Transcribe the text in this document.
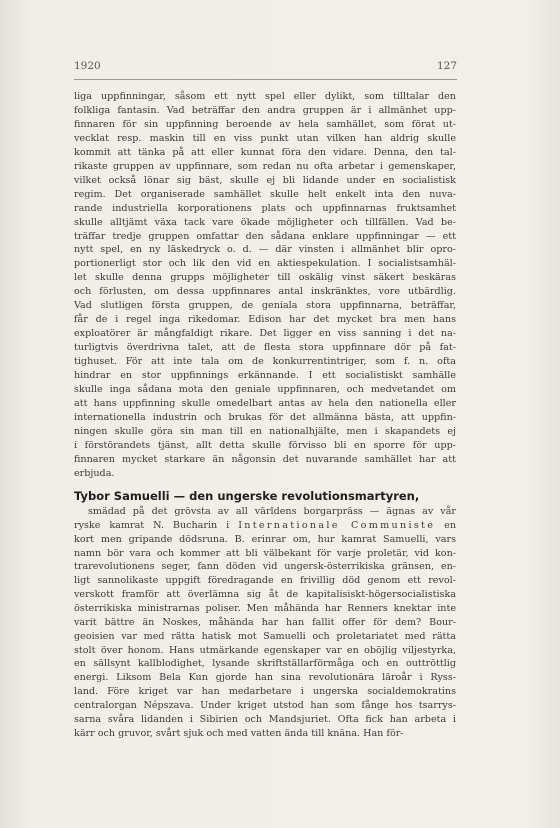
1920	127
liga uppfinningar, såsom ett nytt spel eller dylikt, som tilltalar den
folkliga fantasin. Vad beträffar den andra gruppen är i allmänhet upp-
finnaren för sin uppfinning beroende av hela samhället, som förat ut-
vecklat resp. maskin till en viss punkt utan vilken han aldrig skulle
kommit att tänka på att eller kunnat föra den vidare. Denna, den tal-
rikaste gruppen av uppfinnare, som redan nu ofta arbetar i gemenskaper,
vilket också lönar sig bäst, skulle ej bli lidande under en socialistisk
regim. Det organiserade samhället skulle helt enkelt inta den nuva-
rande industriella korporationens plats och uppfinnarnas fruktsamhet
skulle alltjämt växa tack vare ökade möjligheter och tillfällen. Vad be-
träffar tredje gruppen omfattar den sådana enklare uppfinningar — ett
nytt spel, en ny läskedryck o. d. — där vinsten i allmänhet blir opro-
portionerligt stor och lik den vid en aktiespekulation. I socialistsamhäl-
let skulle denna grupps möjligheter till oskälig vinst säkert beskäras
och förlusten, om dessa uppfinnares antal inskränktes, vore utbärdlig.
Vad slutligen första gruppen, de geniala stora uppfinnarna, beträffar,
får de i regel inga rikedomar. Edison har det mycket bra men hans
exploatörer är mångfaldigt rikare. Det ligger en viss sanning i det na-
turligtvis överdrivna talet, att de flesta stora uppfinnare dör på fat-
tighuset. För att inte tala om de konkurrentintriger, som f. n. ofta
hindrar en stor uppfinnings erkännande. I ett socialistiskt samhälle
skulle inga sådana mota den geniale uppfinnaren, och medvetandet om
att hans uppfinning skulle omedelbart antas av hela den nationella eller
internationella industrin och brukas för det allmänna bästa, att uppfin-
ningen skulle göra sin man till en nationalhjälte, men i skapandets ej
i förstörandets tjänst, allt detta skulle förvisso bli en sporre för upp-
finnaren mycket starkare än någonsin det nuvarande samhället har att
erbjuda.
Tybor Samuelli — den ungerske revolutionsmartyren,
smädad på det grövsta av all världens borgarpräss — ägnas av vår
ryske kamrat N. Bucharin i Internationale Communiste en
kort men gripande dödsruna. B. erinrar om, hur kamrat Samuelli, vars
namn bör vara och kommer att bli välbekant för varje proletär, vid kon-
trarevolutionens seger, fann döden vid ungersk-österrikiska gränsen, en-
ligt sannolikaste uppgift föredragande en frivillig död genom ett revol-
verskott framför att överlämna sig åt de kapitalisiskt-högersocialistiska
österrikiska ministrarnas poliser. Men måhända har Renners knektar inte
varit bättre än Noskes, måhända har han fallit offer för dem? Bour-
geoisien var med rätta hatisk mot Samuelli och proletariatet med rätta
stolt över honom. Hans utmärkande egenskaper var en oböjlig viljestyrka,
en sällsynt kallblodighet, lysande skriftställarförmåga och en outtröttlig
energi. Liksom Bela Kun gjorde han sina revolutionära läroår i Ryss-
land. Före kriget var han medarbetare i ungerska socialdemokratins
centralorgan Népszava. Under kriget utstod han som fånge hos tsarrys-
sarna svåra lidanden i Sibirien och Mandsjuriet. Ofta fick han arbeta i
kärr och gruvor, svårt sjuk och med vatten ända till knäna. Han för-
